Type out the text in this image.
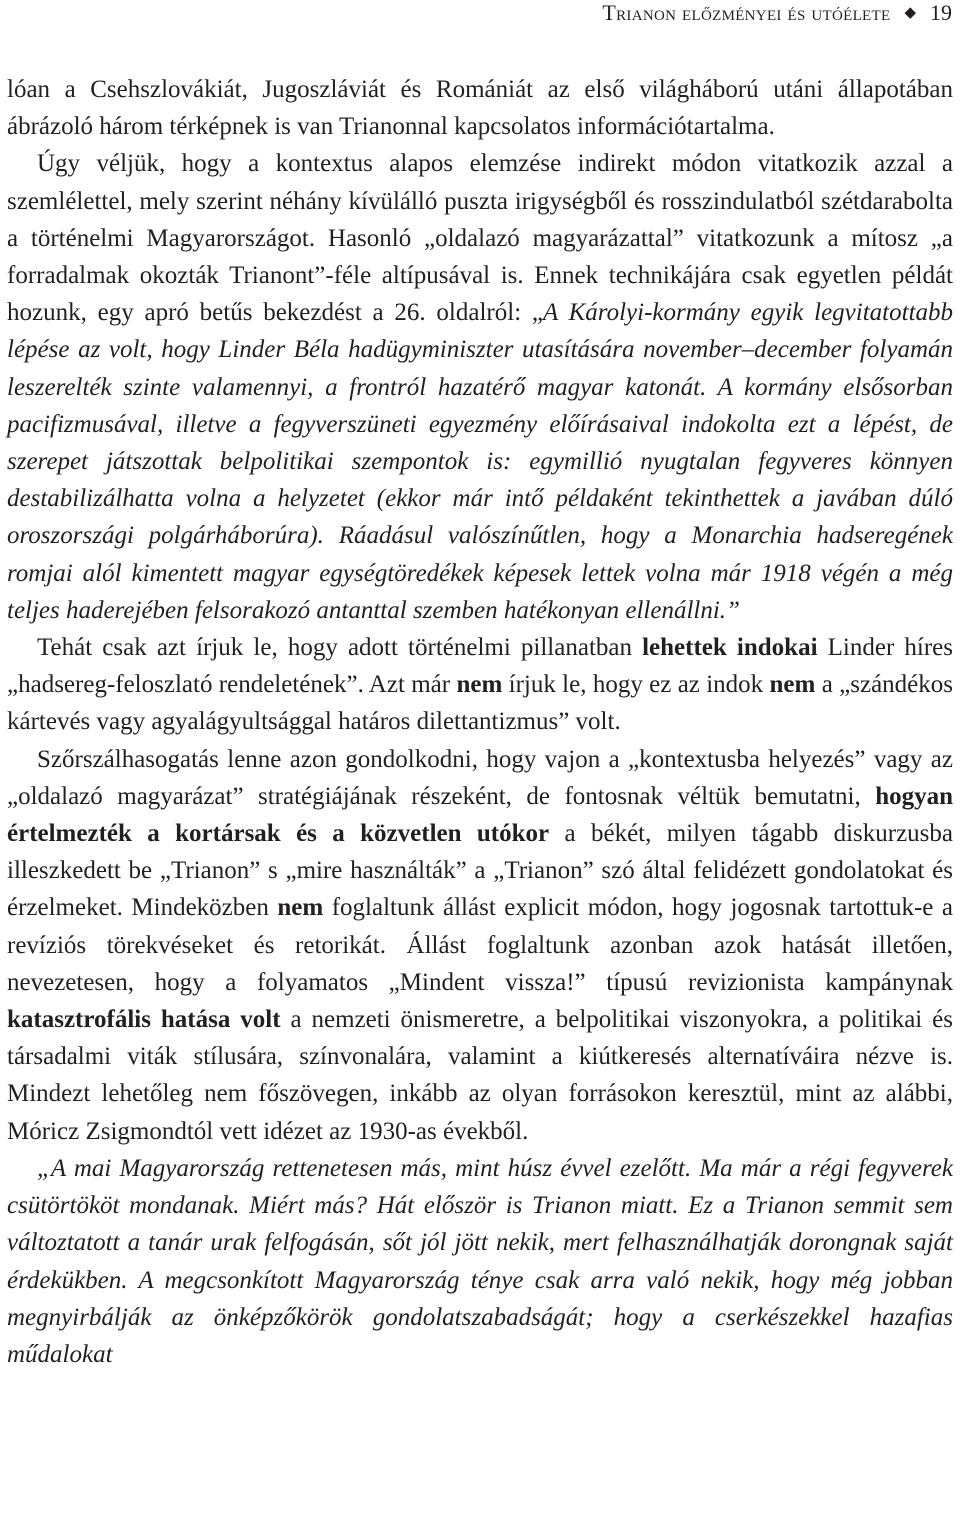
Trianon előzményei és utóélete ◆ 19

lóan a Csehszlovákiát, Jugoszláviát és Romániát az első világháború utáni állapotában ábrázoló három térképnek is van Trianonnal kapcsolatos információtartalma.

Úgy véljük, hogy a kontextus alapos elemzése indirekt módon vitatkozik azzal a szemlélettel, mely szerint néhány kívülálló puszta irigységből és rosszindulatból szétdarabolta a történelmi Magyarországot. Hasonló „oldalazó magyarázattal” vitatkozunk a mítosz „a forradalmak okozták Trianont”-féle altípusával is. Ennek technikájára csak egyetlen példát hozunk, egy apró betűs bekezdést a 26. oldalról: „A Károlyi-kormány egyik legvitatottabb lépése az volt, hogy Linder Béla hadügyminiszter utasítására november–december folyamán leszerelték szinte valamennyi, a frontról hazatérő magyar katonát. A kormány elsősorban pacifizmusával, illetve a fegyverszüneti egyezmény előírásaival indokolta ezt a lépést, de szerepet játszottak belpolitikai szempontok is: egymillió nyugtalan fegyveres könnyen destabilizálhatta volna a helyzetet (ekkor már intő példaként tekinthettek a javában dúló oroszországi polgárháborúra). Ráadásul valószínűtlen, hogy a Monarchia hadseregének romjai alól kimentett magyar egységtöredékek képesek lettek volna már 1918 végén a még teljes haderejében felsorakozó antanttal szemben hatékonyan ellenállni.”

Tehát csak azt írjuk le, hogy adott történelmi pillanatban lehettek indokai Linder híres „hadsereg-feloszlató rendeletének”. Azt már nem írjuk le, hogy ez az indok nem a „szándékos kártevés vagy agyalágyultsággal határos dilettantizmus” volt.

Szőrszálhasogatás lenne azon gondolkodni, hogy vajon a „kontextusba helyezés” vagy az „oldalazó magyarázat” stratégiájának részeként, de fontosnak véltük bemutatni, hogyan értelmezték a kortársak és a közvetlen utókor a békét, milyen tágabb diskurzusba illeszkedett be „Trianon” s „mire használták” a „Trianon” szó által felidézett gondolatokat és érzelmeket. Mindeközben nem foglaltunk állást explicit módon, hogy jogosnak tartottuk-e a revíziós törekvéseket és retorikát. Állást foglaltunk azonban azok hatását illetően, nevezetesen, hogy a folyamatos „Mindent vissza!” típusú revizionista kampánynak katasztrofális hatása volt a nemzeti önismeretre, a belpolitikai viszonyokra, a politikai és társadalmi viták stílusára, színvonalára, valamint a kiútkeresés alternatíváira nézve is. Mindezt lehetőleg nem főszövegen, inkább az olyan forrásokon keresztül, mint az alábbi, Móricz Zsigmondtól vett idézet az 1930-as évekből.

„A mai Magyarország rettenetesen más, mint húsz évvel ezelőtt. Ma már a régi fegyverek csütörtököt mondanak. Miért más? Hát először is Trianon miatt. Ez a Trianon semmit sem változtatott a tanár urak felfogásán, sőt jól jött nekik, mert felhasználhatják dorongnak saját érdekükben. A megcsonkított Magyarország ténye csak arra való nekik, hogy még jobban megnyirbálják az önképzőkörök gondolatszabadságát; hogy a cserkészekkel hazafias műdalokat
